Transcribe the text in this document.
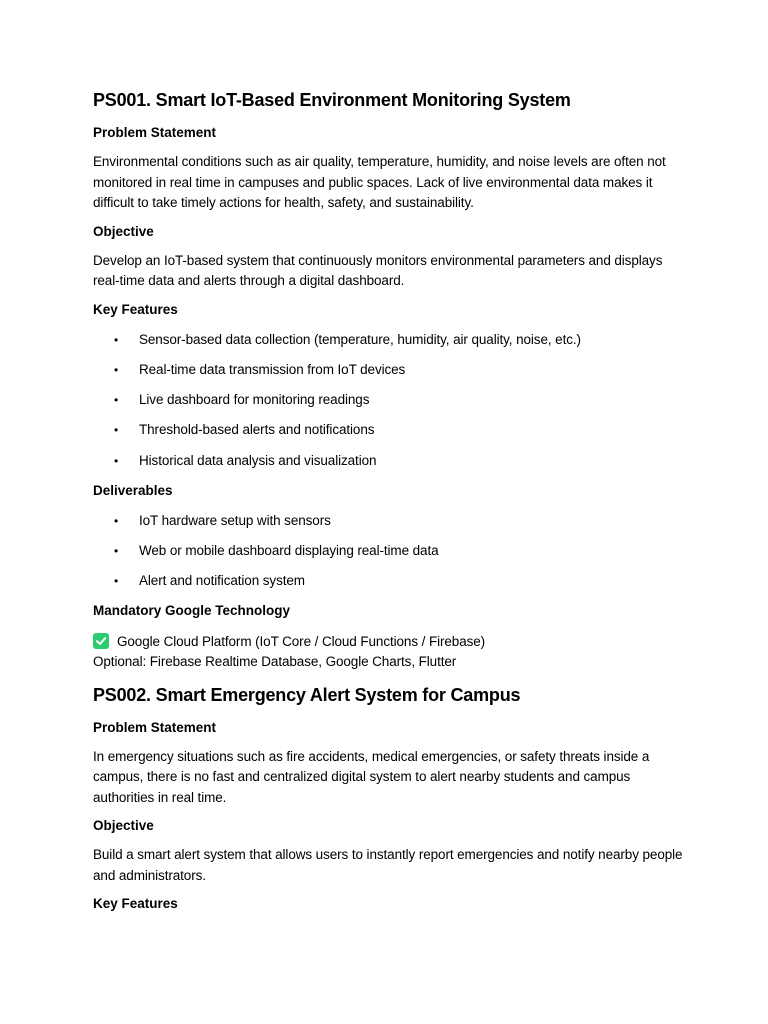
PS001. Smart IoT-Based Environment Monitoring System
Problem Statement

Environmental conditions such as air quality, temperature, humidity, and noise levels are often not monitored in real time in campuses and public spaces. Lack of live environmental data makes it difficult to take timely actions for health, safety, and sustainability.

Objective

Develop an IoT-based system that continuously monitors environmental parameters and displays real-time data and alerts through a digital dashboard.

Key Features
• Sensor-based data collection (temperature, humidity, air quality, noise, etc.)
• Real-time data transmission from IoT devices
• Live dashboard for monitoring readings
• Threshold-based alerts and notifications
• Historical data analysis and visualization
Deliverables
• IoT hardware setup with sensors
• Web or mobile dashboard displaying real-time data
• Alert and notification system
Mandatory Google Technology

Google Cloud Platform (IoT Core / Cloud Functions / Firebase)

Optional: Firebase Realtime Database, Google Charts, Flutter

PS002. Smart Emergency Alert System for Campus
Problem Statement

In emergency situations such as fire accidents, medical emergencies, or safety threats inside a campus, there is no fast and centralized digital system to alert nearby students and campus authorities in real time.

Objective

Build a smart alert system that allows users to instantly report emergencies and notify nearby people and administrators.

Key Features
